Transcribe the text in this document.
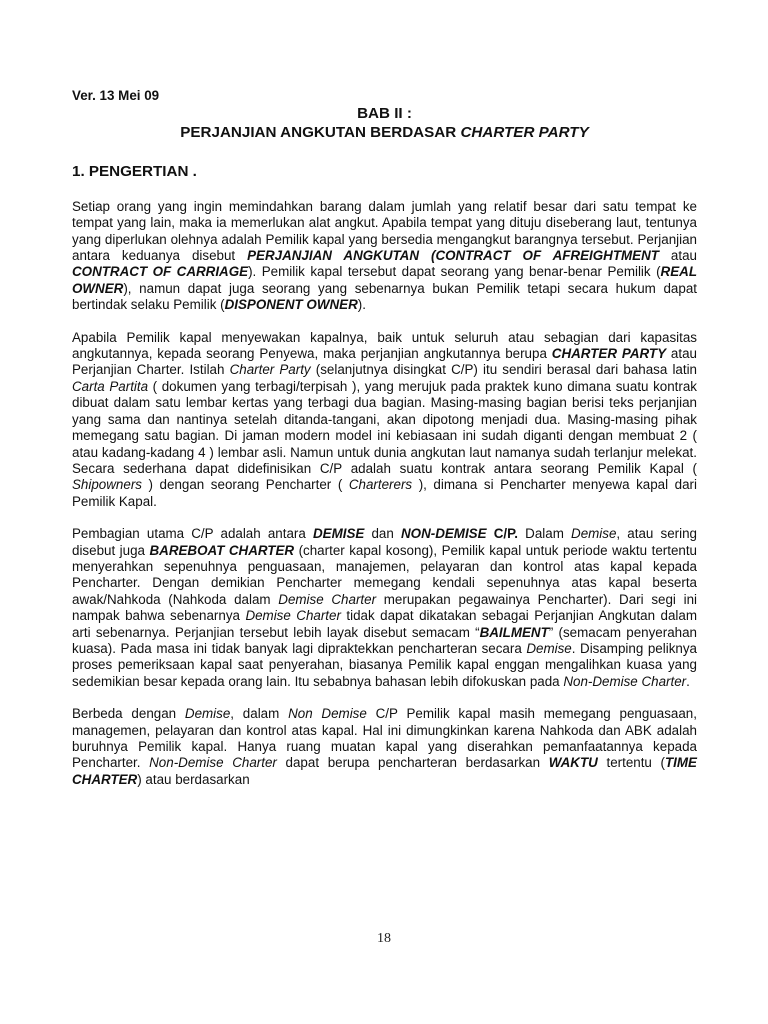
Ver. 13 Mei 09

BAB II :

PERJANJIAN ANGKUTAN BERDASAR CHARTER PARTY

1. PENGERTIAN .

Setiap orang yang ingin memindahkan barang dalam jumlah yang relatif besar dari satu tempat ke tempat yang lain, maka ia memerlukan alat angkut. Apabila tempat yang dituju diseberang laut, tentunya yang diperlukan olehnya adalah Pemilik kapal yang bersedia mengangkut barangnya tersebut. Perjanjian antara keduanya disebut PERJANJIAN ANGKUTAN (CONTRACT OF AFREIGHTMENT atau CONTRACT OF CARRIAGE). Pemilik kapal tersebut dapat seorang yang benar-benar Pemilik (REAL OWNER), namun dapat juga seorang yang sebenarnya bukan Pemilik tetapi secara hukum dapat bertindak selaku Pemilik (DISPONENT OWNER).

Apabila Pemilik kapal menyewakan kapalnya, baik untuk seluruh atau sebagian dari kapasitas angkutannya, kepada seorang Penyewa, maka perjanjian angkutannya berupa CHARTER PARTY atau Perjanjian Charter. Istilah Charter Party (selanjutnya disingkat C/P) itu sendiri berasal dari bahasa latin Carta Partita ( dokumen yang terbagi/terpisah ), yang merujuk pada praktek kuno dimana suatu kontrak dibuat dalam satu lembar kertas yang terbagi dua bagian. Masing-masing bagian berisi teks perjanjian yang sama dan nantinya setelah ditanda-tangani, akan dipotong menjadi dua. Masing-masing pihak memegang satu bagian. Di jaman modern model ini kebiasaan ini sudah diganti dengan membuat 2 ( atau kadang-kadang 4 ) lembar asli. Namun untuk dunia angkutan laut namanya sudah terlanjur melekat. Secara sederhana dapat didefinisikan C/P adalah suatu kontrak antara seorang Pemilik Kapal ( Shipowners ) dengan seorang Pencharter ( Charterers ), dimana si Pencharter menyewa kapal dari Pemilik Kapal.

Pembagian utama C/P adalah antara DEMISE dan NON-DEMISE C/P. Dalam Demise, atau sering disebut juga BAREBOAT CHARTER (charter kapal kosong), Pemilik kapal untuk periode waktu tertentu menyerahkan sepenuhnya penguasaan, manajemen, pelayaran dan kontrol atas kapal kepada Pencharter. Dengan demikian Pencharter memegang kendali sepenuhnya atas kapal beserta awak/Nahkoda (Nahkoda dalam Demise Charter merupakan pegawainya Pencharter). Dari segi ini nampak bahwa sebenarnya Demise Charter tidak dapat dikatakan sebagai Perjanjian Angkutan dalam arti sebenarnya. Perjanjian tersebut lebih layak disebut semacam “BAILMENT” (semacam penyerahan kuasa). Pada masa ini tidak banyak lagi dipraktekkan pencharteran secara Demise. Disamping peliknya proses pemeriksaan kapal saat penyerahan, biasanya Pemilik kapal enggan mengalihkan kuasa yang sedemikian besar kepada orang lain. Itu sebabnya bahasan lebih difokuskan pada Non-Demise Charter.

Berbeda dengan Demise, dalam Non Demise C/P Pemilik kapal masih memegang penguasaan, managemen, pelayaran dan kontrol atas kapal. Hal ini dimungkinkan karena Nahkoda dan ABK adalah buruhnya Pemilik kapal. Hanya ruang muatan kapal yang diserahkan pemanfaatannya kepada Pencharter. Non-Demise Charter dapat berupa pencharteran berdasarkan WAKTU tertentu (TIME CHARTER) atau berdasarkan

18
